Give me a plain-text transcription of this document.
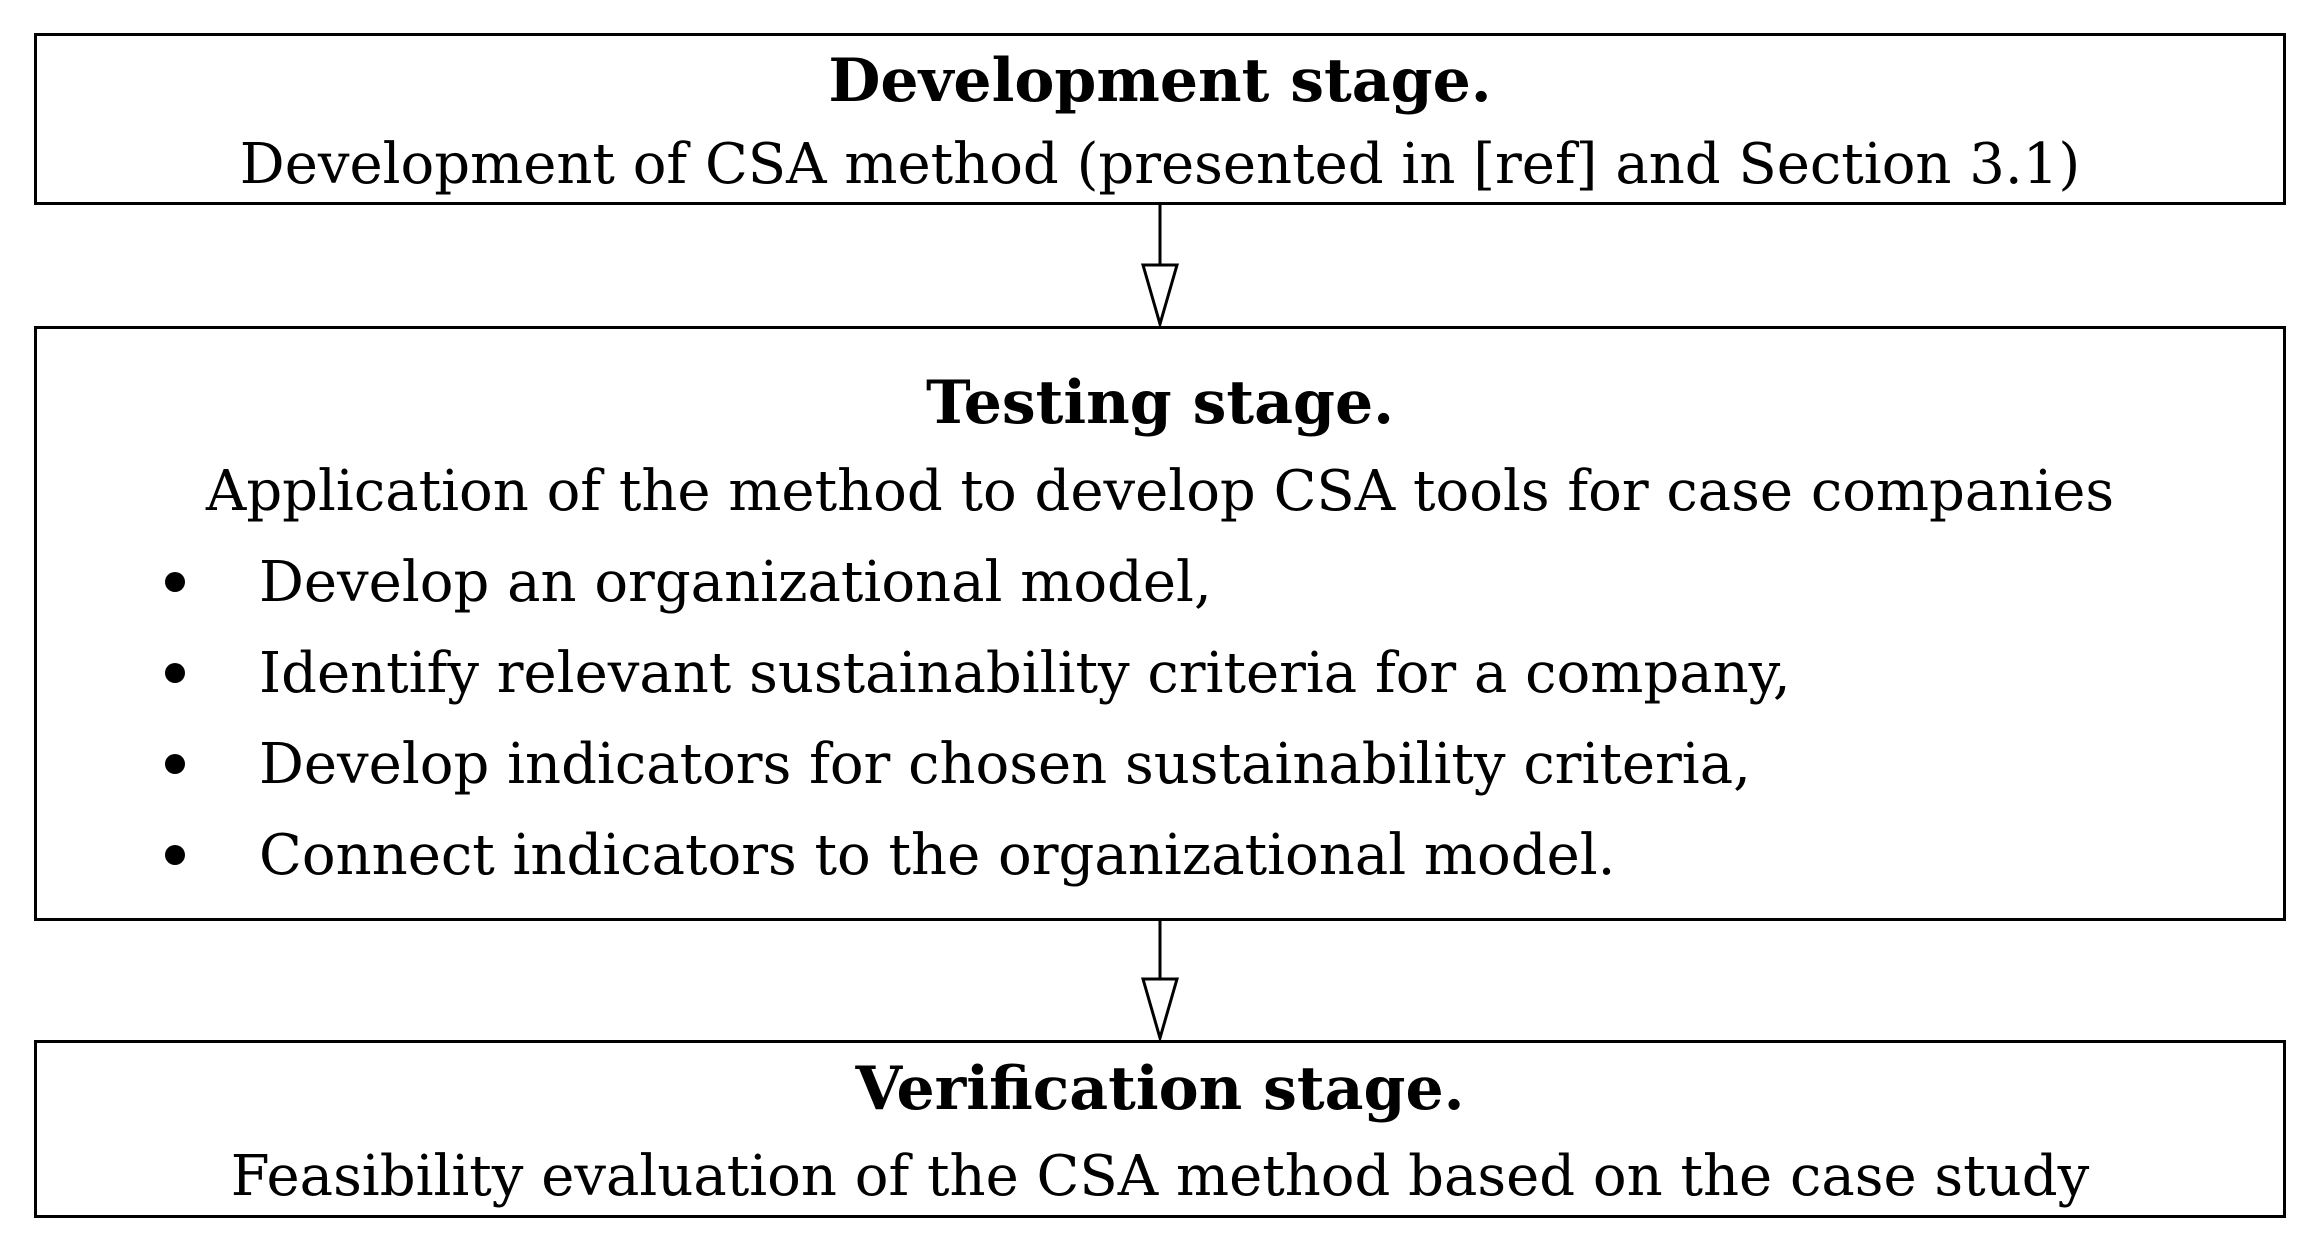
Development stage.
Development of CSA method (presented in [ref] and Section 3.1)
Testing stage.
Application of the method to develop CSA tools for case companies
Develop an organizational model,
Identify relevant sustainability criteria for a company,
Develop indicators for chosen sustainability criteria,
Connect indicators to the organizational model.
Verification stage.
Feasibility evaluation of the CSA method based on the case study
